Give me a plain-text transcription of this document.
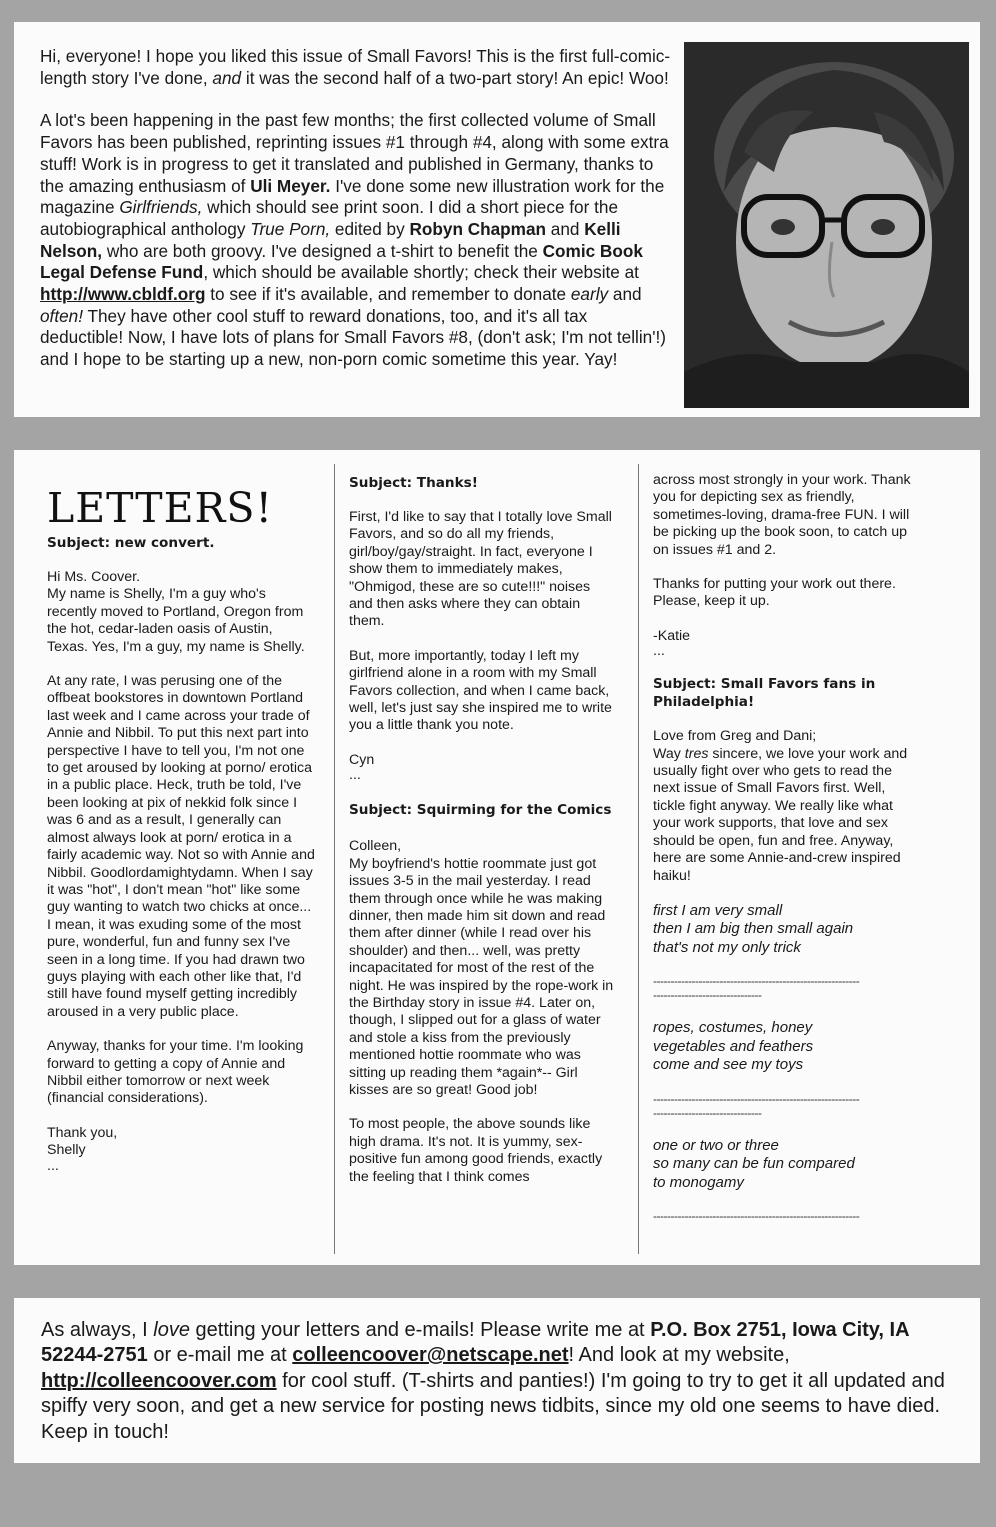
Hi, everyone! I hope you liked this issue of Small Favors! This is the first full-comic-length story I've done, and it was the second half of a two-part story! An epic! Woo!

A lot's been happening in the past few months; the first collected volume of Small Favors has been published, reprinting issues #1 through #4, along with some extra stuff! Work is in progress to get it translated and published in Germany, thanks to the amazing enthusiasm of Uli Meyer. I've done some new illustration work for the magazine Girlfriends, which should see print soon. I did a short piece for the autobiographical anthology True Porn, edited by Robyn Chapman and Kelli Nelson, who are both groovy. I've designed a t-shirt to benefit the Comic Book Legal Defense Fund, which should be available shortly; check their website at http://www.cbldf.org to see if it's available, and remember to donate early and often! They have other cool stuff to reward donations, too, and it's all tax deductible! Now, I have lots of plans for Small Favors #8, (don't ask; I'm not tellin'!) and I hope to be starting up a new, non-porn comic sometime this year. Yay!

LETTERS!

Subject: new convert.

Hi Ms. Coover.
My name is Shelly, I'm a guy who's recently moved to Portland, Oregon from the hot, cedar-laden oasis of Austin, Texas. Yes, I'm a guy, my name is Shelly.

At any rate, I was perusing one of the offbeat bookstores in downtown Portland last week and I came across your trade of Annie and Nibbil. To put this next part into perspective I have to tell you, I'm not one to get aroused by looking at porno/ erotica in a public place. Heck, truth be told, I've been looking at pix of nekkid folk since I was 6 and as a result, I generally can almost always look at porn/ erotica in a fairly academic way. Not so with Annie and Nibbil. Goodlordamightydamn. When I say it was "hot", I don't mean "hot" like some guy wanting to watch two chicks at once... I mean, it was exuding some of the most pure, wonderful, fun and funny sex I've seen in a long time. If you had drawn two guys playing with each other like that, I'd still have found myself getting incredibly aroused in a very public place.

Anyway, thanks for your time. I'm looking forward to getting a copy of Annie and Nibbil either tomorrow or next week (financial considerations).

Thank you,
Shelly

...

Subject: Thanks!

First, I'd like to say that I totally love Small Favors, and so do all my friends, girl/boy/gay/straight. In fact, everyone I show them to immediately makes, "Ohmigod, these are so cute!!!" noises and then asks where they can obtain them.

But, more importantly, today I left my girlfriend alone in a room with my Small Favors collection, and when I came back, well, let's just say she inspired me to write you a little thank you note.

Cyn

...

Subject: Squirming for the Comics

Colleen,
My boyfriend's hottie roommate just got issues 3-5 in the mail yesterday. I read them through once while he was making dinner, then made him sit down and read them after dinner (while I read over his shoulder) and then... well, was pretty incapacitated for most of the rest of the night. He was inspired by the rope-work in the Birthday story in issue #4. Later on, though, I slipped out for a glass of water and stole a kiss from the previously mentioned hottie roommate who was sitting up reading them *again*-- Girl kisses are so great! Good job!

To most people, the above sounds like high drama. It's not. It is yummy, sex-positive fun among good friends, exactly the feeling that I think comes

across most strongly in your work. Thank you for depicting sex as friendly, sometimes-loving, drama-free FUN. I will be picking up the book soon, to catch up on issues #1 and 2.

Thanks for putting your work out there. Please, keep it up.

-Katie

...

Subject: Small Favors fans in Philadelphia!

Love from Greg and Dani;
Way tres sincere, we love your work and usually fight over who gets to read the next issue of Small Favors first. Well, tickle fight anyway. We really like what your work supports, that love and sex should be open, fun and free. Anyway, here are some Annie-and-crew inspired haiku!

first I am very small
then I am big then small again
that's not my only trick

-----------------------------------------------------------

-------------------------------

ropes, costumes, honey
vegetables and feathers
come and see my toys

-----------------------------------------------------------

-------------------------------

one or two or three
so many can be fun compared
to monogamy

-----------------------------------------------------------

As always, I love getting your letters and e-mails! Please write me at P.O. Box 2751, Iowa City, IA 52244-2751 or e-mail me at colleencoover@netscape.net! And look at my website, http://colleencoover.com for cool stuff. (T-shirts and panties!) I'm going to try to get it all updated and spiffy very soon, and get a new service for posting news tidbits, since my old one seems to have died. Keep in touch!
